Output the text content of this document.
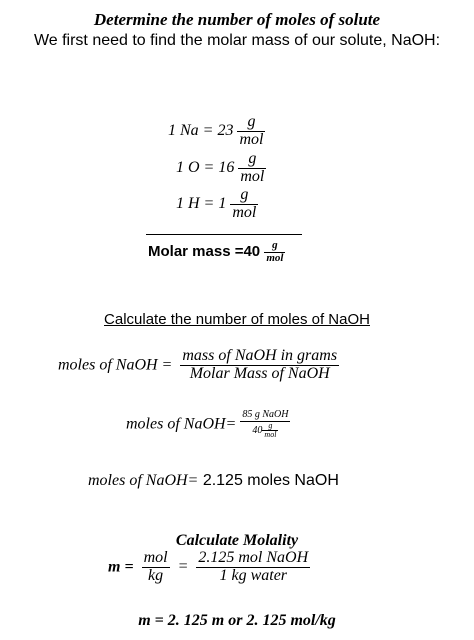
Determine the number of moles of solute
We first need to find the molar mass of our solute, NaOH:
1 $Na = 23 \frac{g}{\text{mol}}$
1 $O = 16 \frac{g}{\text{mol}}$
1 $H = 1 \frac{g}{\text{mol}}$
Molar mass $=40 \frac{g}{\text{mol}}$
Calculate the number of moles of NaOH
moles of NaOH = $\frac{\text{mass of NaOH in grams}}{\text{Molar Mass of NaOH}}$
moles of NaOH= $\frac{\text{85 g NaOH}}{40 \frac{g}{\text{mol}}}$
moles of NaOH= 2.125 moles NaOH
Calculate Molality
$m = \frac{\text{mol}}{kg} = \frac{\text{2.125 mol NaOH}}{\text{1 kg water}}$
m = 2. 125 m or 2. 125 mol/kg
